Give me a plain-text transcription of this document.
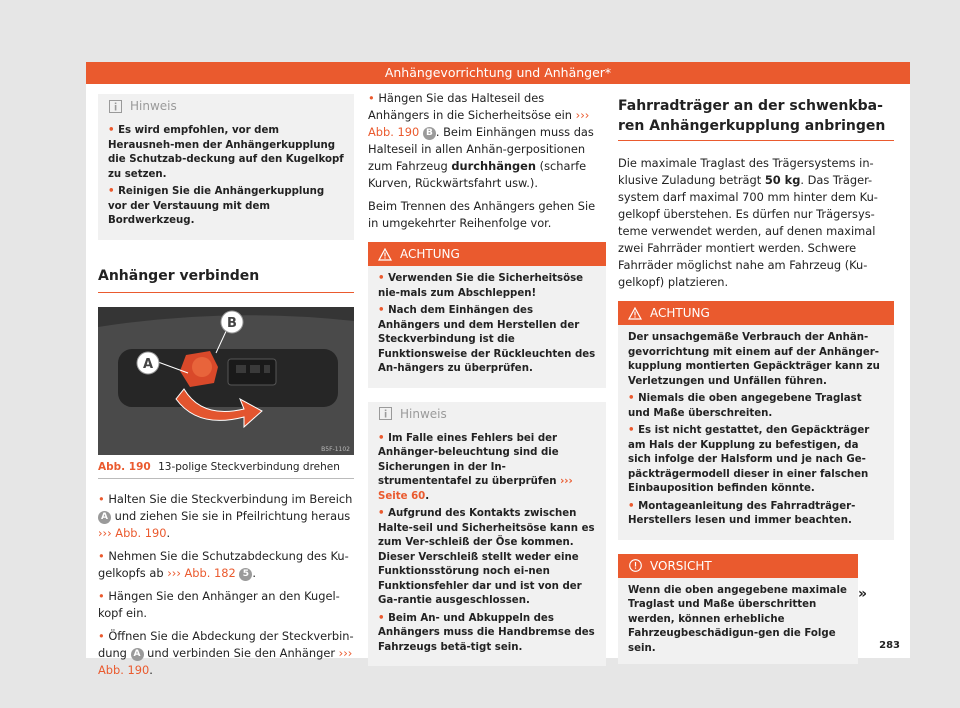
Anhängevorrichtung und Anhänger*
Hinweis

• Es wird empfohlen, vor dem Herausneh-men der Anhängerkupplung die Schutzab-deckung auf den Kugelkopf zu setzen.

• Reinigen Sie die Anhängerkupplung vor der Verstauung mit dem Bordwerkzeug.

Anhänger verbinden
A
B
B5F-1102
Abb. 190 13-polige Steckverbindung drehen

• Halten Sie die Steckverbindung im Bereich A und ziehen Sie sie in Pfeilrichtung heraus ››› Abb. 190.

• Nehmen Sie die Schutzabdeckung des Ku-gelkopfs ab ››› Abb. 182 5 .

• Hängen Sie den Anhänger an den Kugel-kopf ein.

• Öffnen Sie die Abdeckung der Steckverbin-dung A und verbinden Sie den Anhänger ››› Abb. 190.

• Hängen Sie das Halteseil des Anhängers in die Sicherheitsöse ein ››› Abb. 190 B . Beim Einhängen muss das Halteseil in allen Anhän-gerpositionen zum Fahrzeug durchhängen (scharfe Kurven, Rückwärtsfahrt usw.).

Beim Trennen des Anhängers gehen Sie in umgekehrter Reihenfolge vor.

ACHTUNG

• Verwenden Sie die Sicherheitsöse nie-mals zum Abschleppen!

• Nach dem Einhängen des Anhängers und dem Herstellen der Steckverbindung ist die Funktionsweise der Rückleuchten des An-hängers zu überprüfen.

Hinweis

• Im Falle eines Fehlers bei der Anhänger-beleuchtung sind die Sicherungen in der In-strumententafel zu überprüfen ››› Seite 60.

• Aufgrund des Kontakts zwischen Halte-seil und Sicherheitsöse kann es zum Ver-schleiß der Öse kommen. Dieser Verschleiß stellt weder eine Funktionsstörung noch ei-nen Funktionsfehler dar und ist von der Ga-rantie ausgeschlossen.

• Beim An- und Abkuppeln des Anhängers muss die Handbremse des Fahrzeugs betä-tigt sein.

Fahrradträger an der schwenkba-
ren Anhängerkupplung anbringen

Die maximale Traglast des Trägersystems in-klusive Zuladung beträgt 50 kg. Das Träger-system darf maximal 700 mm hinter dem Ku-gelkopf überstehen. Es dürfen nur Trägersys-teme verwendet werden, auf denen maximal zwei Fahrräder montiert werden. Schwere Fahrräder möglichst nahe am Fahrzeug (Ku-gelkopf) platzieren.

ACHTUNG

Der unsachgemäße Verbrauch der Anhän-gevorrichtung mit einem auf der Anhänger-kupplung montierten Gepäckträger kann zu Verletzungen und Unfällen führen.

• Niemals die oben angegebene Traglast und Maße überschreiten.

• Es ist nicht gestattet, den Gepäckträger am Hals der Kupplung zu befestigen, da sich infolge der Halsform und je nach Ge-päckträgermodell dieser in einer falschen Einbauposition befinden könnte.

• Montageanleitung des Fahrradträger-Herstellers lesen und immer beachten.

VORSICHT
Wenn die oben angegebene maximale Traglast und Maße überschritten werden, können erhebliche Fahrzeugbeschädigun-gen die Folge sein.
»
283
